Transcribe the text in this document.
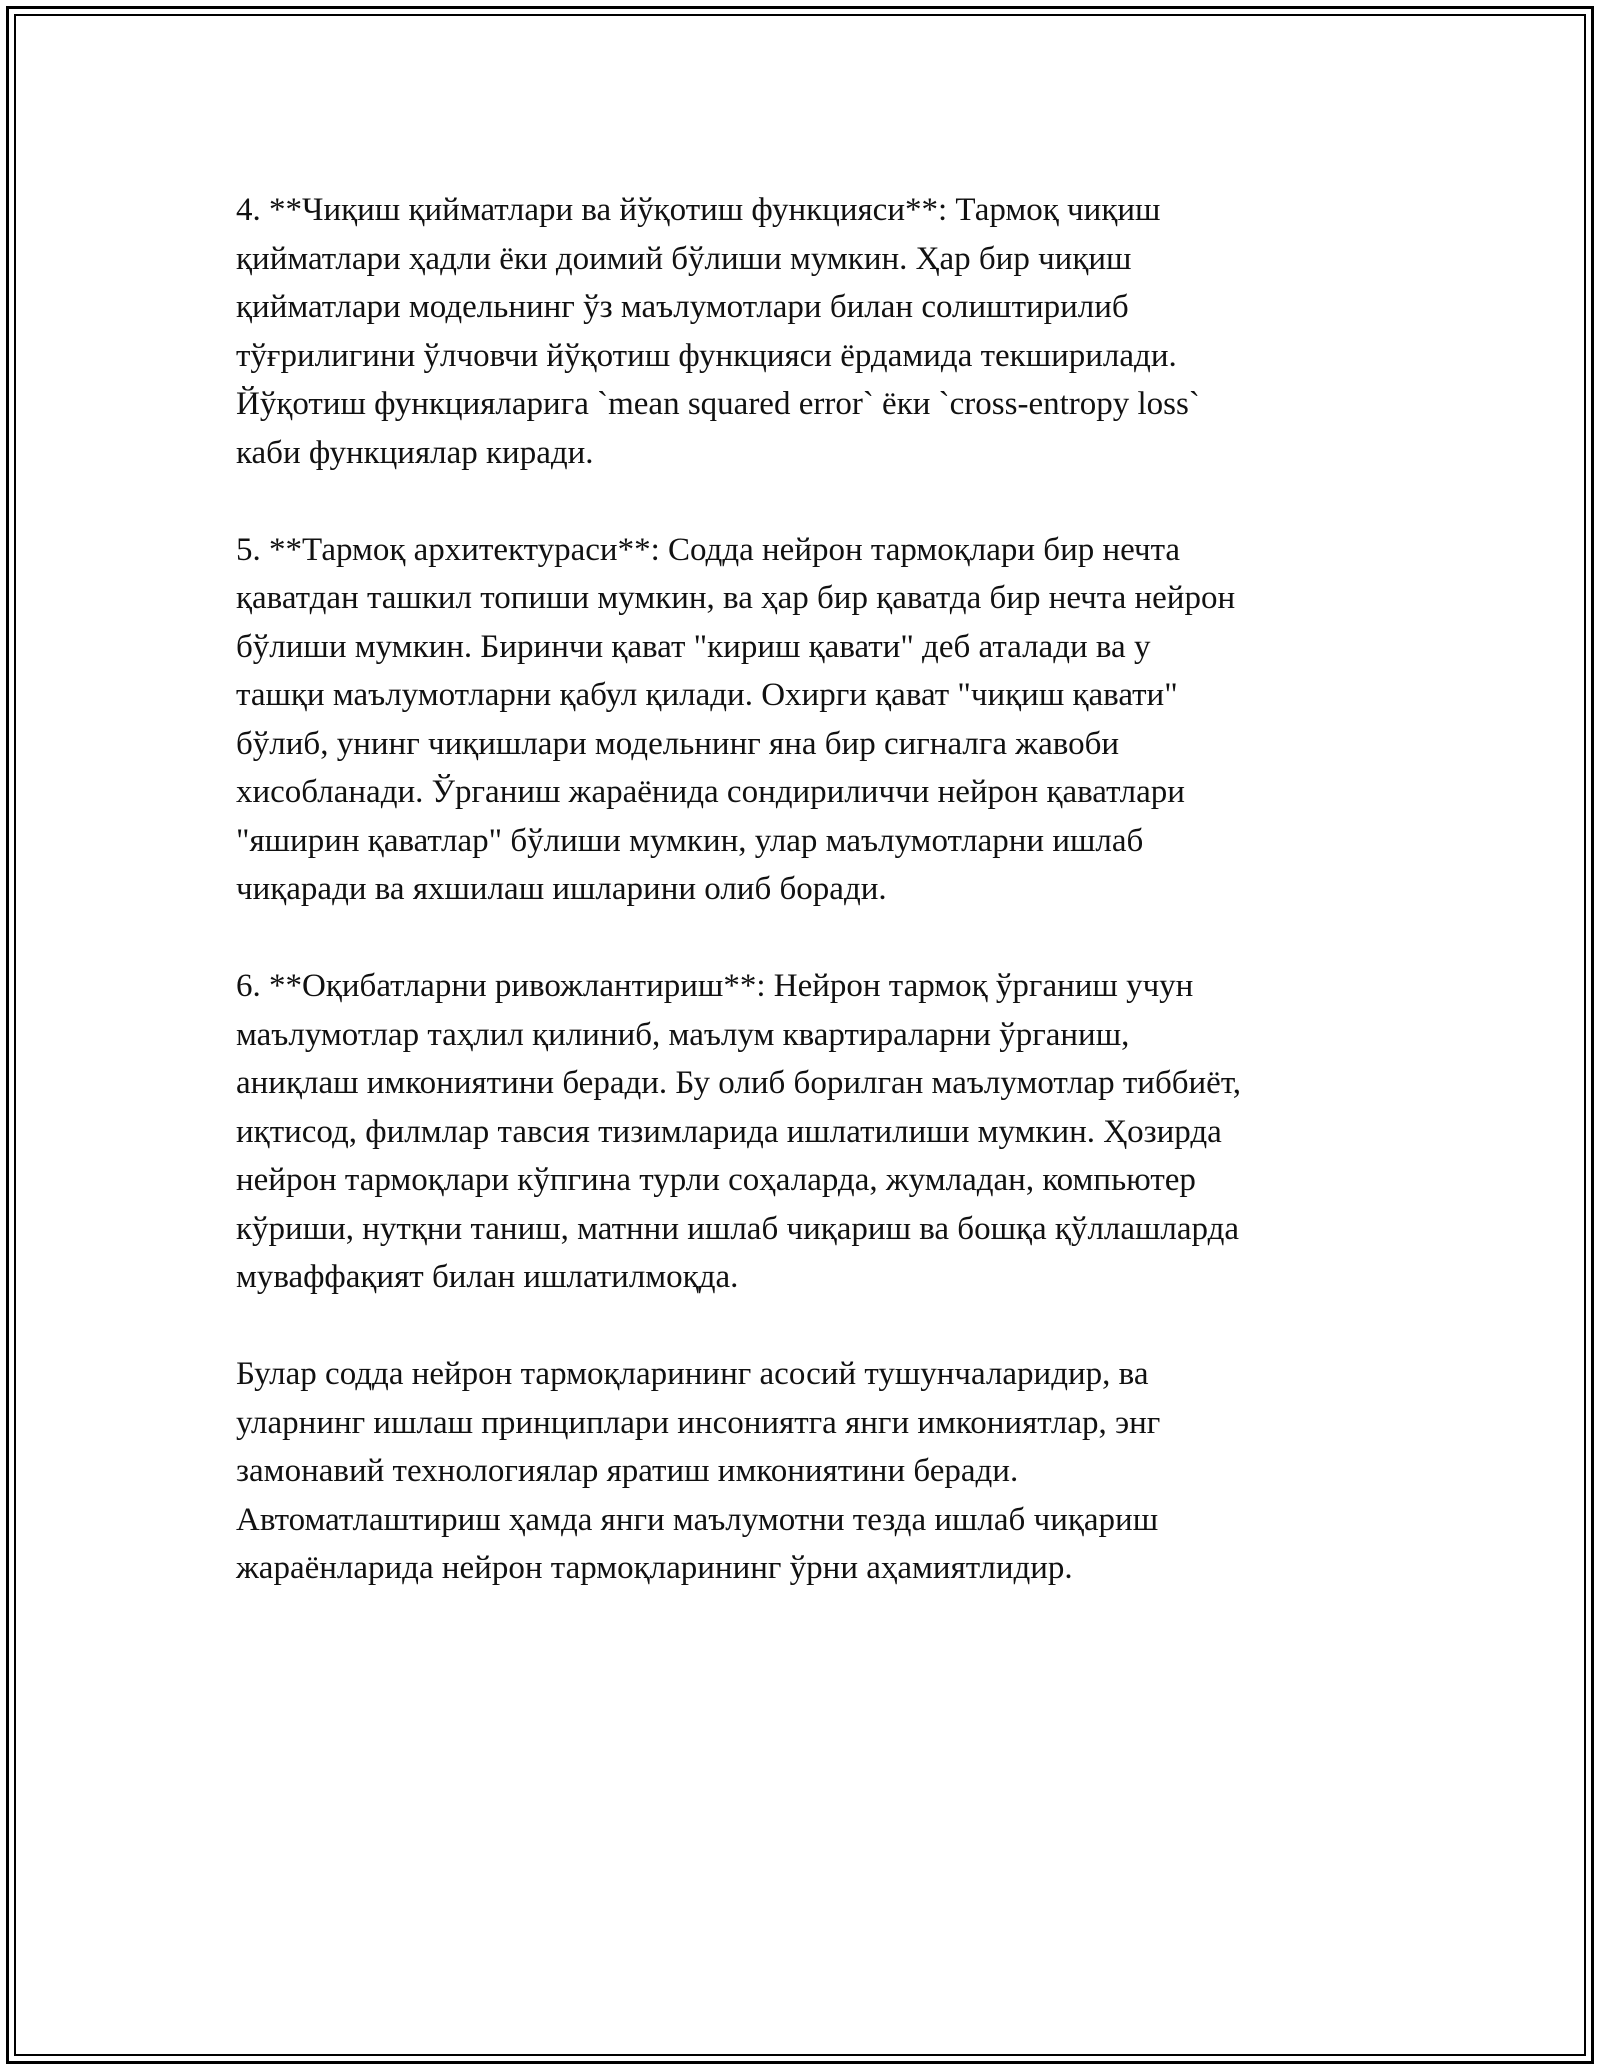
4. **Чиқиш қийматлари ва йўқотиш функцияси**: Тармоқ чиқиш
қийматлари ҳадли ёки доимий бўлиши мумкин. Ҳар бир чиқиш
қийматлари модельнинг ўз маълумотлари билан солиштирилиб
тўғрилигини ўлчовчи йўқотиш функцияси ёрдамида текширилади.
Йўқотиш функцияларига `mean squared error` ёки `cross-entropy loss`
каби функциялар киради.

5. **Тармоқ архитектураси**: Содда нейрон тармоқлари бир нечта
қаватдан ташкил топиши мумкин, ва ҳар бир қаватда бир нечта нейрон
бўлиши мумкин. Биринчи қават "кириш қавати" деб аталади ва у
ташқи маълумотларни қабул қилади. Охирги қават "чиқиш қавати"
бўлиб, унинг чиқишлари модельнинг яна бир сигналга жавоби
хисобланади. Ўрганиш жараёнида сондириличчи нейрон қаватлари
"яширин қаватлар" бўлиши мумкин, улар маълумотларни ишлаб
чиқаради ва яхшилаш ишларини олиб боради.

6. **Оқибатларни ривожлантириш**: Нейрон тармоқ ўрганиш учун
маълумотлар таҳлил қилиниб, маълум квартираларни ўрганиш,
аниқлаш имкониятини беради. Бу олиб борилган маълумотлар тиббиёт,
иқтисод, филмлар тавсия тизимларида ишлатилиши мумкин. Ҳозирда
нейрон тармоқлари кўпгина турли соҳаларда, жумладан, компьютер
кўриши, нутқни таниш, матнни ишлаб чиқариш ва бошқа қўллашларда
муваффақият билан ишлатилмоқда.

Булар содда нейрон тармоқларининг асосий тушунчаларидир, ва
уларнинг ишлаш принциплари инсониятга янги имкониятлар, энг
замонавий технологиялар яратиш имкониятини беради.
Автоматлаштириш ҳамда янги маълумотни тезда ишлаб чиқариш
жараёнларида нейрон тармоқларининг ўрни аҳамиятлидир.
